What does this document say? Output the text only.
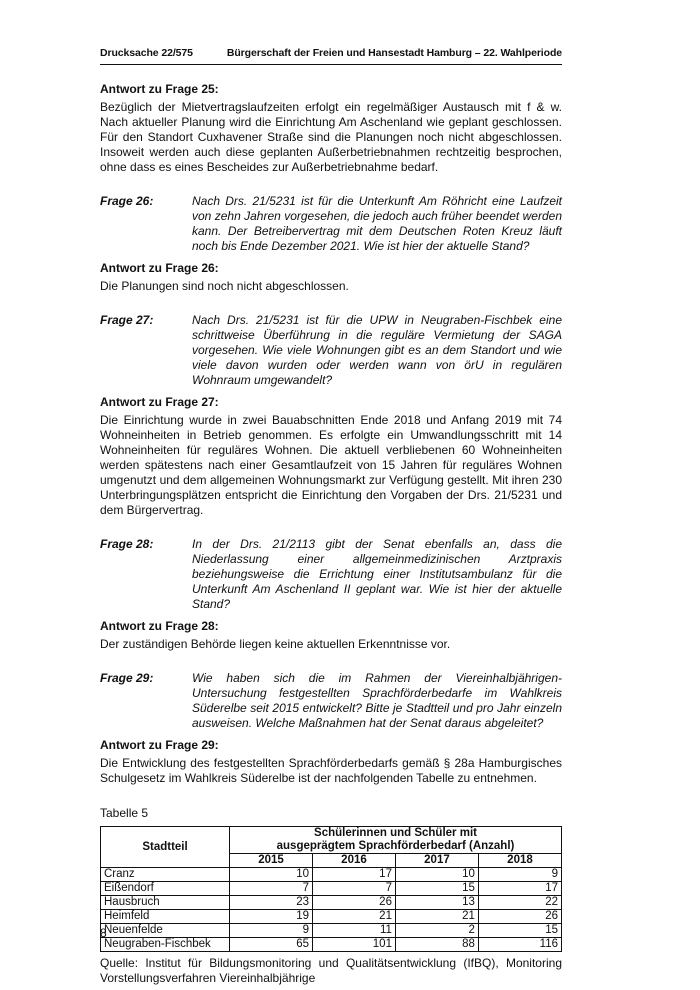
Drucksache 22/575	Bürgerschaft der Freien und Hansestadt Hamburg – 22. Wahlperiode
Antwort zu Frage 25:

Bezüglich der Mietvertragslaufzeiten erfolgt ein regelmäßiger Austausch mit f & w. Nach aktueller Planung wird die Einrichtung Am Aschenland wie geplant geschlossen. Für den Standort Cuxhavener Straße sind die Planungen noch nicht abgeschlossen. Insoweit werden auch diese geplanten Außerbetriebnahmen rechtzeitig besprochen, ohne dass es eines Bescheides zur Außerbetriebnahme bedarf.

Frage 26:	Nach Drs. 21/5231 ist für die Unterkunft Am Röhricht eine Laufzeit von zehn Jahren vorgesehen, die jedoch auch früher beendet werden kann. Der Betreibervertrag mit dem Deutschen Roten Kreuz läuft noch bis Ende Dezember 2021. Wie ist hier der aktuelle Stand?
Antwort zu Frage 26:

Die Planungen sind noch nicht abgeschlossen.

Frage 27:	Nach Drs. 21/5231 ist für die UPW in Neugraben-Fischbek eine schrittweise Überführung in die reguläre Vermietung der SAGA vorgesehen. Wie viele Wohnungen gibt es an dem Standort und wie viele davon wurden oder werden wann von örU in regulären Wohnraum umgewandelt?
Antwort zu Frage 27:

Die Einrichtung wurde in zwei Bauabschnitten Ende 2018 und Anfang 2019 mit 74 Wohneinheiten in Betrieb genommen. Es erfolgte ein Umwandlungsschritt mit 14 Wohneinheiten für reguläres Wohnen. Die aktuell verbliebenen 60 Wohneinheiten werden spätestens nach einer Gesamtlaufzeit von 15 Jahren für reguläres Wohnen umgenutzt und dem allgemeinen Wohnungsmarkt zur Verfügung gestellt. Mit ihren 230 Unterbringungsplätzen entspricht die Einrichtung den Vorgaben der Drs. 21/5231 und dem Bürgervertrag.

Frage 28:	In der Drs. 21/2113 gibt der Senat ebenfalls an, dass die Niederlassung einer allgemeinmedizinischen Arztpraxis beziehungsweise die Errichtung einer Institutsambulanz für die Unterkunft Am Aschenland II geplant war. Wie ist hier der aktuelle Stand?
Antwort zu Frage 28:

Der zuständigen Behörde liegen keine aktuellen Erkenntnisse vor.

Frage 29:	Wie haben sich die im Rahmen der Viereinhalbjährigen-Untersuchung festgestellten Sprachförderbedarfe im Wahlkreis Süderelbe seit 2015 entwickelt? Bitte je Stadtteil und pro Jahr einzeln ausweisen. Welche Maßnahmen hat der Senat daraus abgeleitet?
Antwort zu Frage 29:

Die Entwicklung des festgestellten Sprachförderbedarfs gemäß § 28a Hamburgisches Schulgesetz im Wahlkreis Süderelbe ist der nachfolgenden Tabelle zu entnehmen.

Tabelle 5
Stadtteil	Schülerinnen und Schüler mit
ausgeprägtem Sprachförderbedarf (Anzahl)			
	2015	2016	2017	2018
Cranz	10	17	10	9
Eißendorf	7	7	15	17
Hausbruch	23	26	13	22
Heimfeld	19	21	21	26
Neuenfelde	9	11	2	15
Neugraben-Fischbek	65	101	88	116

Quelle: Institut für Bildungsmonitoring und Qualitätsentwicklung (IfBQ), Monitoring Vorstellungsverfahren Viereinhalbjährige

8
